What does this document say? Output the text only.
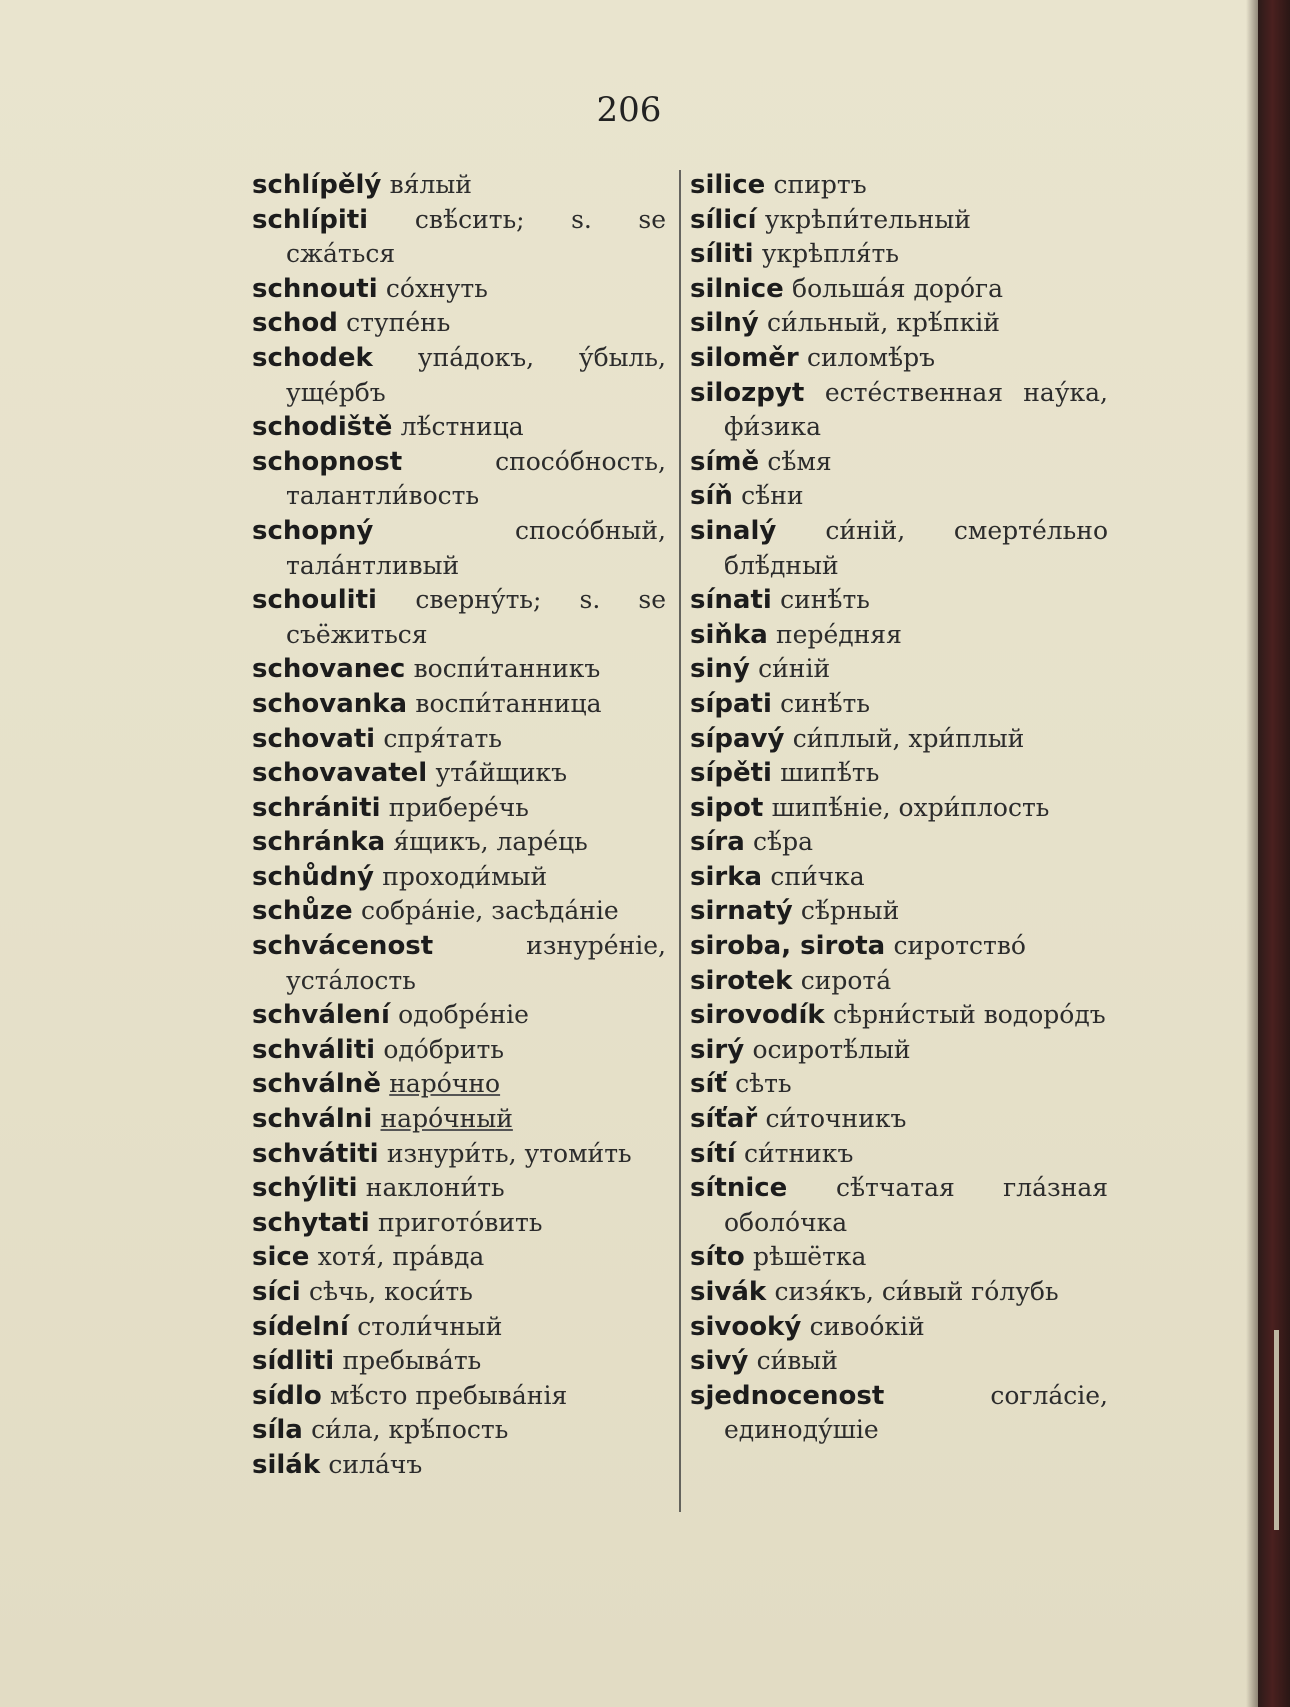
206

schlípělý вя́лый

schlípiti свѣ́сить; s. se сжа́ться

schnouti со́хнуть

schod ступе́нь

schodek упа́докъ, у́быль, уще́рбъ

schodiště лѣ́стница

schopnost	спосо́бность, талантли́вость

schopný	спосо́бный, тала́нтливый

schouliti сверну́ть; s. se съёжиться

schovanec воспи́танникъ

schovanka воспи́танница

schovati спря́тать

schovavatel утá́йщикъ

schrániti прибере́чь

schránka я́щикъ, ларе́ць

schůdný проходи́мый

schůze собра́ніе, засѣда́ніе

schvácenost	изнуре́ніе, уста́лость

schválení одобре́ніе

schváliti одо́брить

schválně наро́чно

schválni наро́чный

schvátiti изнури́ть, утоми́ть

schýliti наклони́ть

schytati пригото́вить

sice хотя́, пра́вда

síci сѣчь, коси́ть

sídelní столи́чный

sídliti пребыва́ть

sídlo мѣ́сто пребыва́нія

síla си́ла, крѣ́пость

silák сила́чъ

silice спиртъ

sílicí укрѣпи́тельный

síliti укрѣпля́ть

silnice больша́я доро́га

silný си́льный, крѣ́пкій

siloměr силомѣ́ръ

silozpyt есте́ственная нау́ка, фи́зика

símě сѣ́мя

síň сѣ́ни

sinalý си́ній, смерте́льно блѣ́дный

sínati синѣ́ть

siňka пере́дняя

siný си́ній

sípati синѣ́ть

sípavý си́плый, хри́плый

sípěti шипѣ́ть

sipot шипѣ́ніе, охри́плость

síra сѣ́ра

sirka спи́чка

sirnatý сѣ́рный

siroba, sirota сиротство́

sirotek сирота́

sirovodík сѣрни́стый водоро́дъ

sirý осиротѣ́лый

síť сѣть

síťař си́точникъ

sítí си́тникъ

sítnice сѣ́тчатая гла́зная оболо́чка

síto рѣшётка

sivák сизя́къ, си́вый го́лубь

sivooký сивоо́кій

sivý си́вый

sjednocenost	согла́сіе, единоду́шіе
